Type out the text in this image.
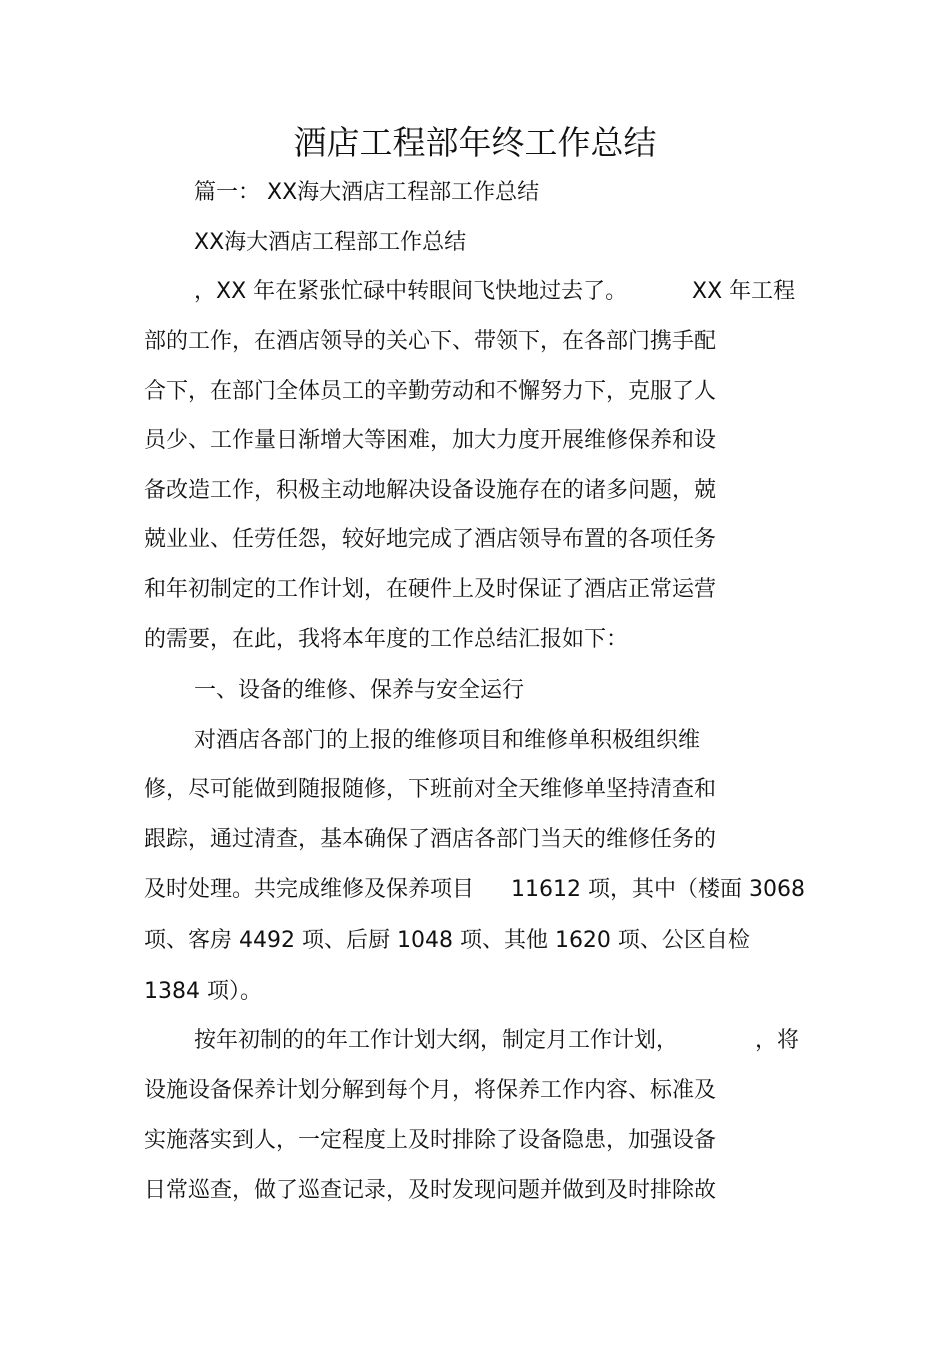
酒店工程部年终工作总结
篇一： XX海大酒店工程部工作总结
XX海大酒店工程部工作总结
，XX 年在紧张忙碌中转眼间飞快地过去了。	XX 年工程
部的工作，在酒店领导的关心下、带领下，在各部门携手配
合下，在部门全体员工的辛勤劳动和不懈努力下，克服了人
员少、工作量日渐增大等困难，加大力度开展维修保养和设
备改造工作，积极主动地解决设备设施存在的诸多问题，兢
兢业业、任劳任怨，较好地完成了酒店领导布置的各项任务
和年初制定的工作计划，在硬件上及时保证了酒店正常运营
的需要，在此，我将本年度的工作总结汇报如下：
一、设备的维修、保养与安全运行
对酒店各部门的上报的维修项目和维修单积极组织维
修，尽可能做到随报随修，下班前对全天维修单坚持清查和
跟踪，通过清查，基本确保了酒店各部门当天的维修任务的
及时处理。共完成维修及保养项目 11612 项，其中（楼面 3068
项、客房 4492 项、后厨 1048 项、其他 1620 项、公区自检
1384 项）。
按年初制的的年工作计划大纲，制定月工作计划，	，将
设施设备保养计划分解到每个月，将保养工作内容、标准及
实施落实到人，一定程度上及时排除了设备隐患，加强设备
日常巡查，做了巡查记录，及时发现问题并做到及时排除故
